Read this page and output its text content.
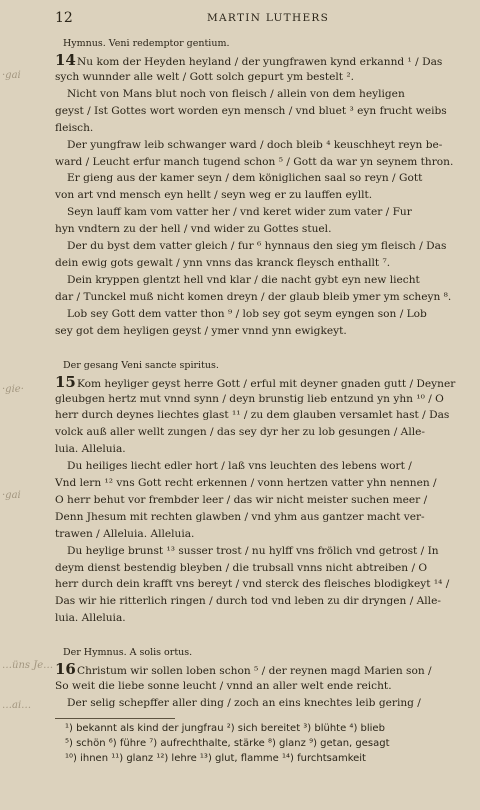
·gai
·gie·
·gai
…üns Je…
…ai…
12	MARTIN LUTHERS
Hymnus. Veni redemptor gentium.
14 Nu kom der Heyden heyland / der yungfrawen kynd erkannd ¹ / Das
sych wunnder alle welt / Gott solch gepurt ym bestelt ².
Nicht von Mans blut noch von fleisch / allein von dem heyligen
geyst / Ist Gottes wort worden eyn mensch / vnd bluet ³ eyn frucht weibs
fleisch.
Der yungfraw leib schwanger ward / doch bleib ⁴ keuschheyt reyn be-
ward / Leucht erfur manch tugend schon ⁵ / Gott da war yn seynem thron.
Er gieng aus der kamer seyn / dem königlichen saal so reyn / Gott
von art vnd mensch eyn hellt / seyn weg er zu lauffen eyllt.
Seyn lauff kam vom vatter her / vnd keret wider zum vater / Fur
hyn vndtern zu der hell / vnd wider zu Gottes stuel.
Der du byst dem vatter gleich / fur ⁶ hynnaus den sieg ym fleisch / Das
dein ewig gots gewalt / ynn vnns das kranck fleysch enthallt ⁷.
Dein kryppen glentzt hell vnd klar / die nacht gybt eyn new liecht
dar / Tunckel muß nicht komen dreyn / der glaub bleib ymer ym scheyn ⁸.
Lob sey Gott dem vatter thon ⁹ / lob sey got seym eyngen son / Lob
sey got dem heyligen geyst / ymer vnnd ynn ewigkeyt.
Der gesang Veni sancte spiritus.
15 Kom heyliger geyst herre Gott / erful mit deyner gnaden gutt / Deyner
gleubgen hertz mut vnnd synn / deyn brunstig lieb entzund yn yhn ¹⁰ / O
herr durch deynes liechtes glast ¹¹ / zu dem glauben versamlet hast / Das
volck auß aller wellt zungen / das sey dyr her zu lob gesungen / Alle-
luia. Alleluia.
Du heiliges liecht edler hort / laß vns leuchten des lebens wort /
Vnd lern ¹² vns Gott recht erkennen / vonn hertzen vatter yhn nennen /
O herr behut vor frembder leer / das wir nicht meister suchen meer /
Denn Jhesum mit rechten glawben / vnd yhm aus gantzer macht ver-
trawen / Alleluia. Alleluia.
Du heylige brunst ¹³ susser trost / nu hylff vns frölich vnd getrost / In
deym dienst bestendig bleyben / die trubsall vnns nicht abtreiben / O
herr durch dein krafft vns bereyt / vnd sterck des fleisches blodigkeyt ¹⁴ /
Das wir hie ritterlich ringen / durch tod vnd leben zu dir dryngen / Alle-
luia. Alleluia.
Der Hymnus. A solis ortus.
16 Christum wir sollen loben schon ⁵ / der reynen magd Marien son /
So weit die liebe sonne leucht / vnnd an aller welt ende reicht.
Der selig schepffer aller ding / zoch an eins knechtes leib gering /
¹) bekannt als kind der jungfrau ²) sich bereitet ³) blühte ⁴) blieb
⁵) schön ⁶) führe ⁷) aufrechthalte, stärke ⁸) glanz ⁹) getan, gesagt
¹⁰) ihnen ¹¹) glanz ¹²) lehre ¹³) glut, flamme ¹⁴) furchtsamkeit
